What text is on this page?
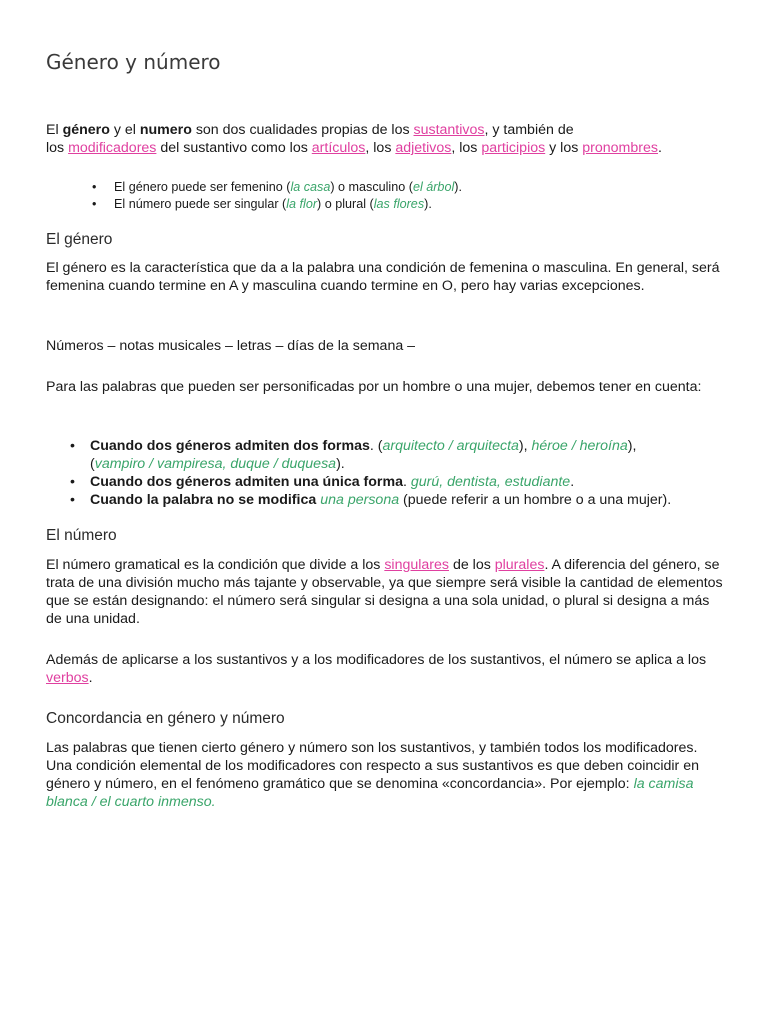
Género y número

El género y el numero son dos cualidades propias de los sustantivos, y también de
los modificadores del sustantivo como los artículos, los adjetivos, los participios y los pronombres.

• El género puede ser femenino (la casa) o masculino (el árbol).
• El número puede ser singular (la flor) o plural (las flores).

El género

El género es la característica que da a la palabra una condición de femenina o masculina. En general, será femenina cuando termine en A y masculina cuando termine en O, pero hay varias excepciones.

Números – notas musicales – letras – días de la semana –

Para las palabras que pueden ser personificadas por un hombre o una mujer, debemos tener en cuenta:

• Cuando dos géneros admiten dos formas. (arquitecto / arquitecta), héroe / heroína),
(vampiro / vampiresa, duque / duquesa).
• Cuando dos géneros admiten una única forma. gurú, dentista, estudiante.
• Cuando la palabra no se modifica una persona (puede referir a un hombre o a una mujer).

El número

El número gramatical es la condición que divide a los singulares de los plurales. A diferencia del género, se trata de una división mucho más tajante y observable, ya que siempre será visible la cantidad de elementos que se están designando: el número será singular si designa a una sola unidad, o plural si designa a más de una unidad.

Además de aplicarse a los sustantivos y a los modificadores de los sustantivos, el número se aplica a los verbos.

Concordancia en género y número

Las palabras que tienen cierto género y número son los sustantivos, y también todos los modificadores. Una condición elemental de los modificadores con respecto a sus sustantivos es que deben coincidir en género y número, en el fenómeno gramático que se denomina «concordancia». Por ejemplo: la camisa blanca / el cuarto inmenso.
